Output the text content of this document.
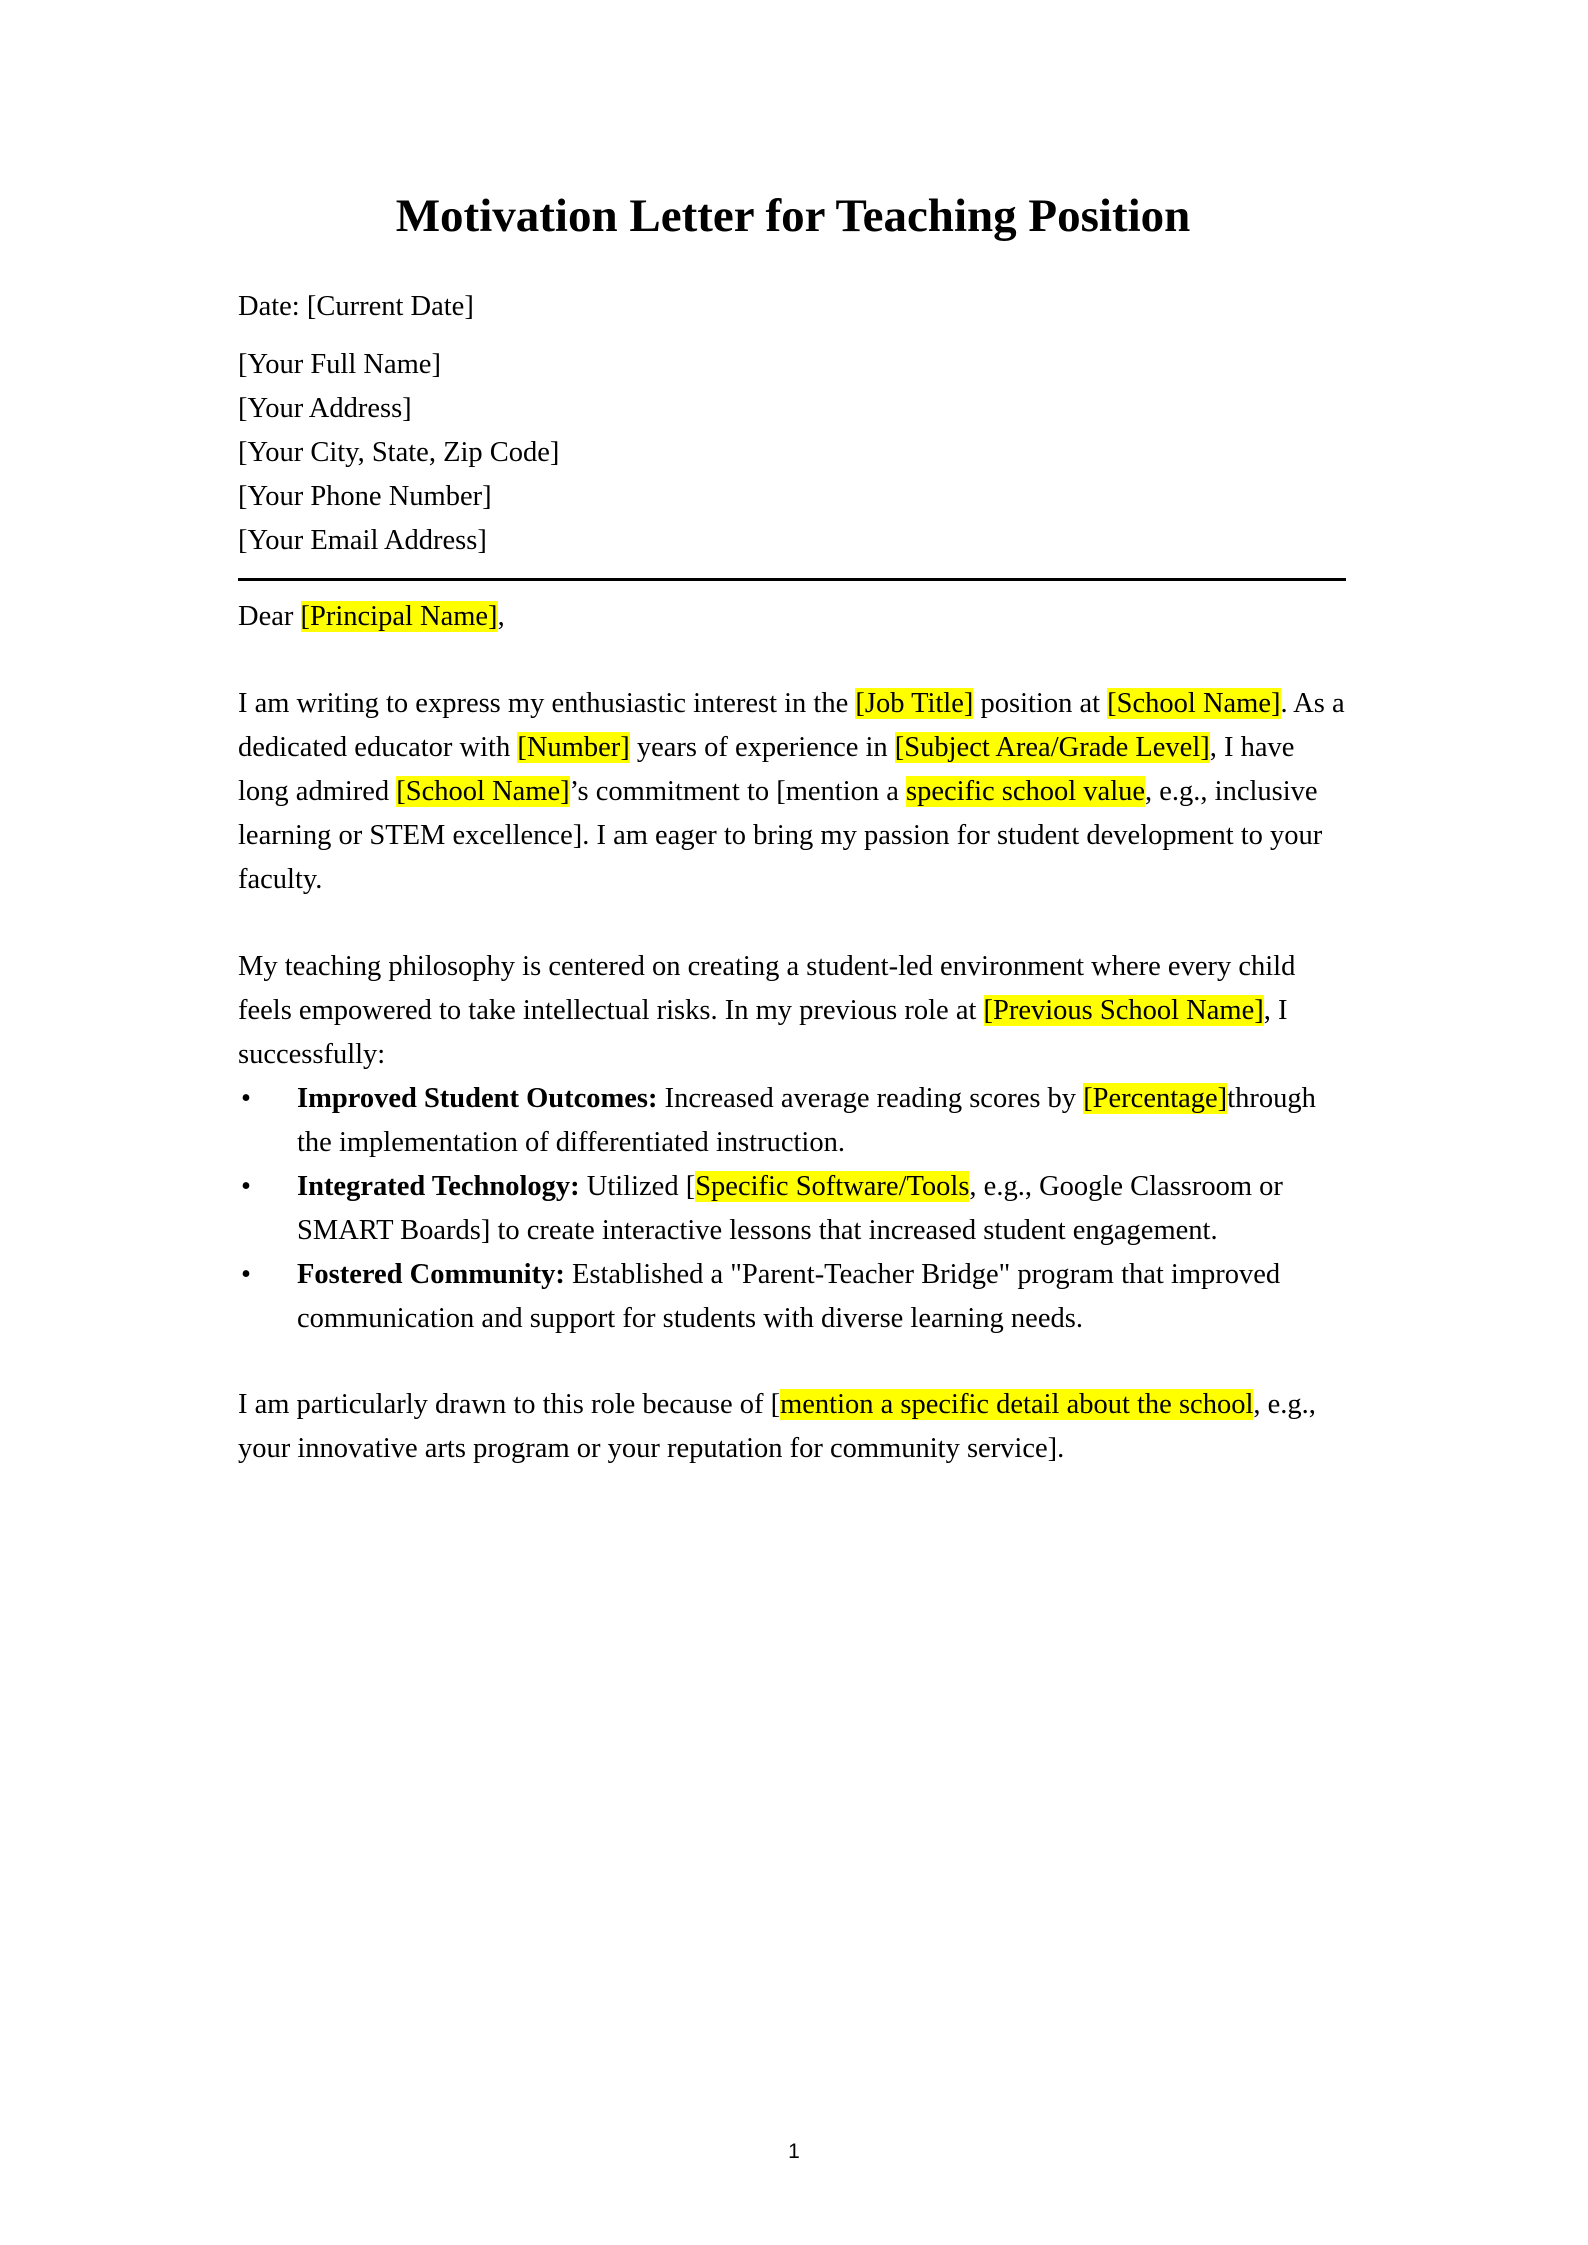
Motivation Letter for Teaching Position

Date: [Current Date]

[Your Full Name]

[Your Address]

[Your City, State, Zip Code]

[Your Phone Number]

[Your Email Address]

Dear [Principal Name],

I am writing to express my enthusiastic interest in the [Job Title] position at [School Name]. As a dedicated educator with [Number] years of experience in [Subject Area/Grade Level], I have long admired [School Name]’s commitment to [mention a specific school value, e.g., inclusive learning or STEM excellence]. I am eager to bring my passion for student development to your faculty.

My teaching philosophy is centered on creating a student-led environment where every child feels empowered to take intellectual risks. In my previous role at [Previous School Name], I successfully:

• Improved Student Outcomes: Increased average reading scores by [Percentage]through the implementation of differentiated instruction.
• Integrated Technology: Utilized [Specific Software/Tools, e.g., Google Classroom or SMART Boards] to create interactive lessons that increased student engagement.
• Fostered Community: Established a "Parent-Teacher Bridge" program that improved communication and support for students with diverse learning needs.

I am particularly drawn to this role because of [mention a specific detail about the school, e.g., your innovative arts program or your reputation for community service].

1
